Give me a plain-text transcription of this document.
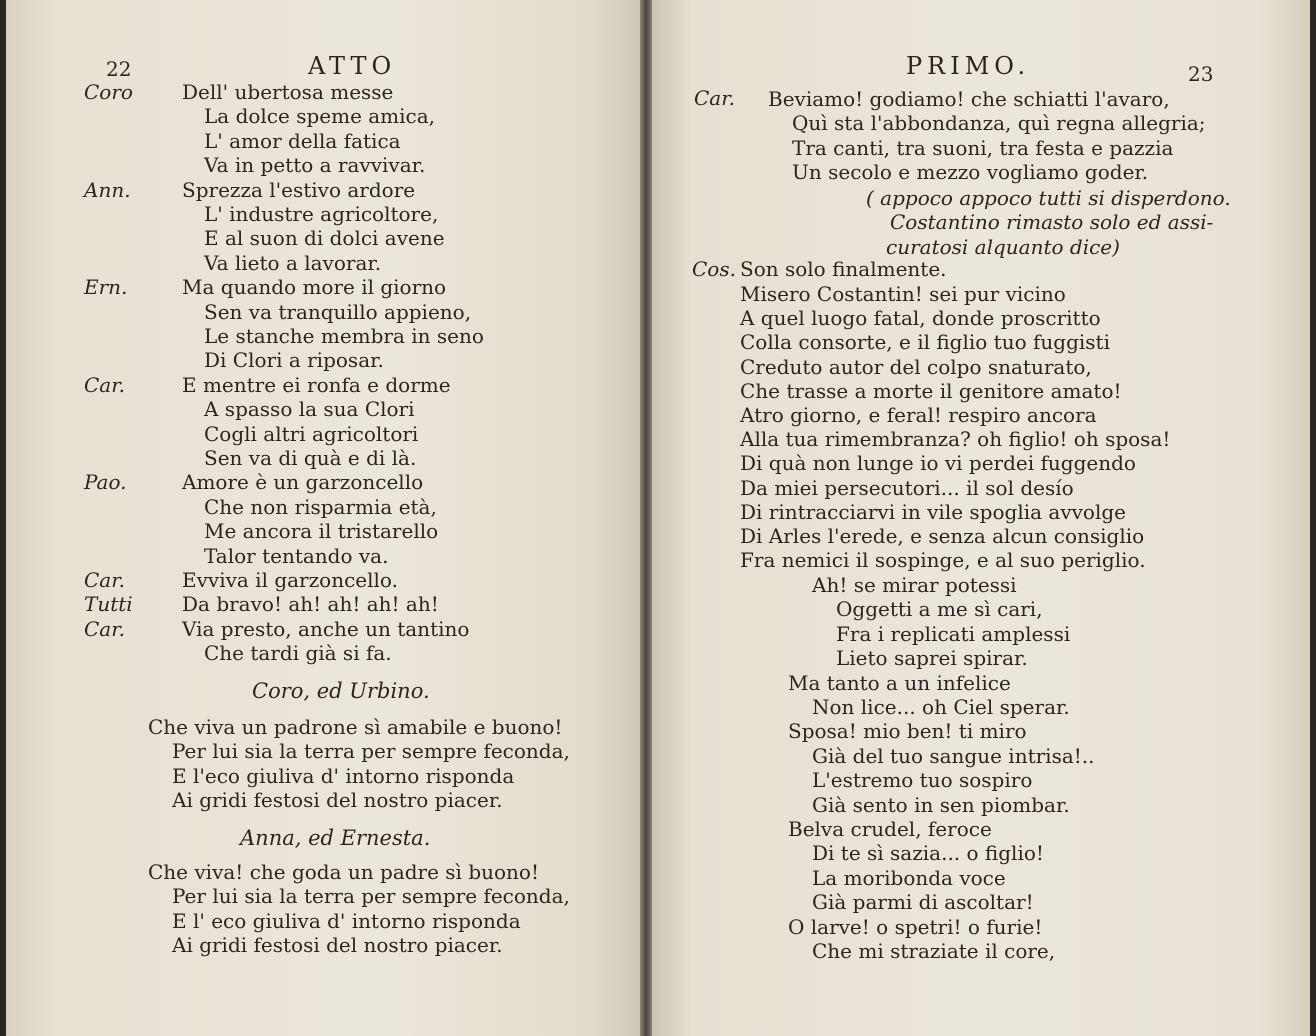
22	ATTO
Coro Dell' ubertosa messe
La dolce speme amica,
L' amor della fatica
Va in petto a ravvivar.
Ann.	Sprezza l'estivo ardore
L' industre agricoltore,
E al suon di dolci avene
Va lieto a lavorar.
Ern.	Ma quando more il giorno
Sen va tranquillo appieno,
Le stanche membra in seno
Di Clori a riposar.
Car.	E mentre ei ronfa e dorme
A spasso la sua Clori
Cogli altri agricoltori
Sen va di quà e di là.
Pao.	Amore è un garzoncello
Che non risparmia età,
Me ancora il tristarello
Talor tentando va.
Car.	Evviva il garzoncello.
Tutti Da bravo! ah! ah! ah! ah!
Car.	Via presto, anche un tantino
Che tardi già si fa.
Coro, ed Urbino.
Che viva un padrone sì amabile e buono!
Per lui sia la terra per sempre feconda,
E l'eco giuliva d' intorno risponda
Ai gridi festosi del nostro piacer.
Anna, ed Ernesta.
Che viva! che goda un padre sì buono!
Per lui sia la terra per sempre feconda,
E l' eco giuliva d' intorno risponda
Ai gridi festosi del nostro piacer.
PRIMO.	23
Car. Beviamo! godiamo! che schiatti l'avaro,
Quì sta l'abbondanza, quì regna allegria;
Tra canti, tra suoni, tra festa e pazzia
Un secolo e mezzo vogliamo goder.
( appoco appoco tutti si disperdono.
Costantino rimasto solo ed assi-
curatosi alquanto dice)
Cos. Son solo finalmente.
Misero Costantin! sei pur vicino
A quel luogo fatal, donde proscritto
Colla consorte, e il figlio tuo fuggisti
Creduto autor del colpo snaturato,
Che trasse a morte il genitore amato!
Atro giorno, e feral! respiro ancora
Alla tua rimembranza? oh figlio! oh sposa!
Di quà non lunge io vi perdei fuggendo
Da miei persecutori... il sol desío
Di rintracciarvi in vile spoglia avvolge
Di Arles l'erede, e senza alcun consiglio
Fra nemici il sospinge, e al suo periglio.
Ah! se mirar potessi
Oggetti a me sì cari,
Fra i replicati amplessi
Lieto saprei spirar.
Ma tanto a un infelice
Non lice... oh Ciel sperar.
Sposa! mio ben! ti miro
Già del tuo sangue intrisa!..
L'estremo tuo sospiro
Già sento in sen piombar.
Belva crudel, feroce
Di te sì sazia... o figlio!
La moribonda voce
Già parmi di ascoltar!
O larve! o spetri! o furie!
Che mi straziate il core,
